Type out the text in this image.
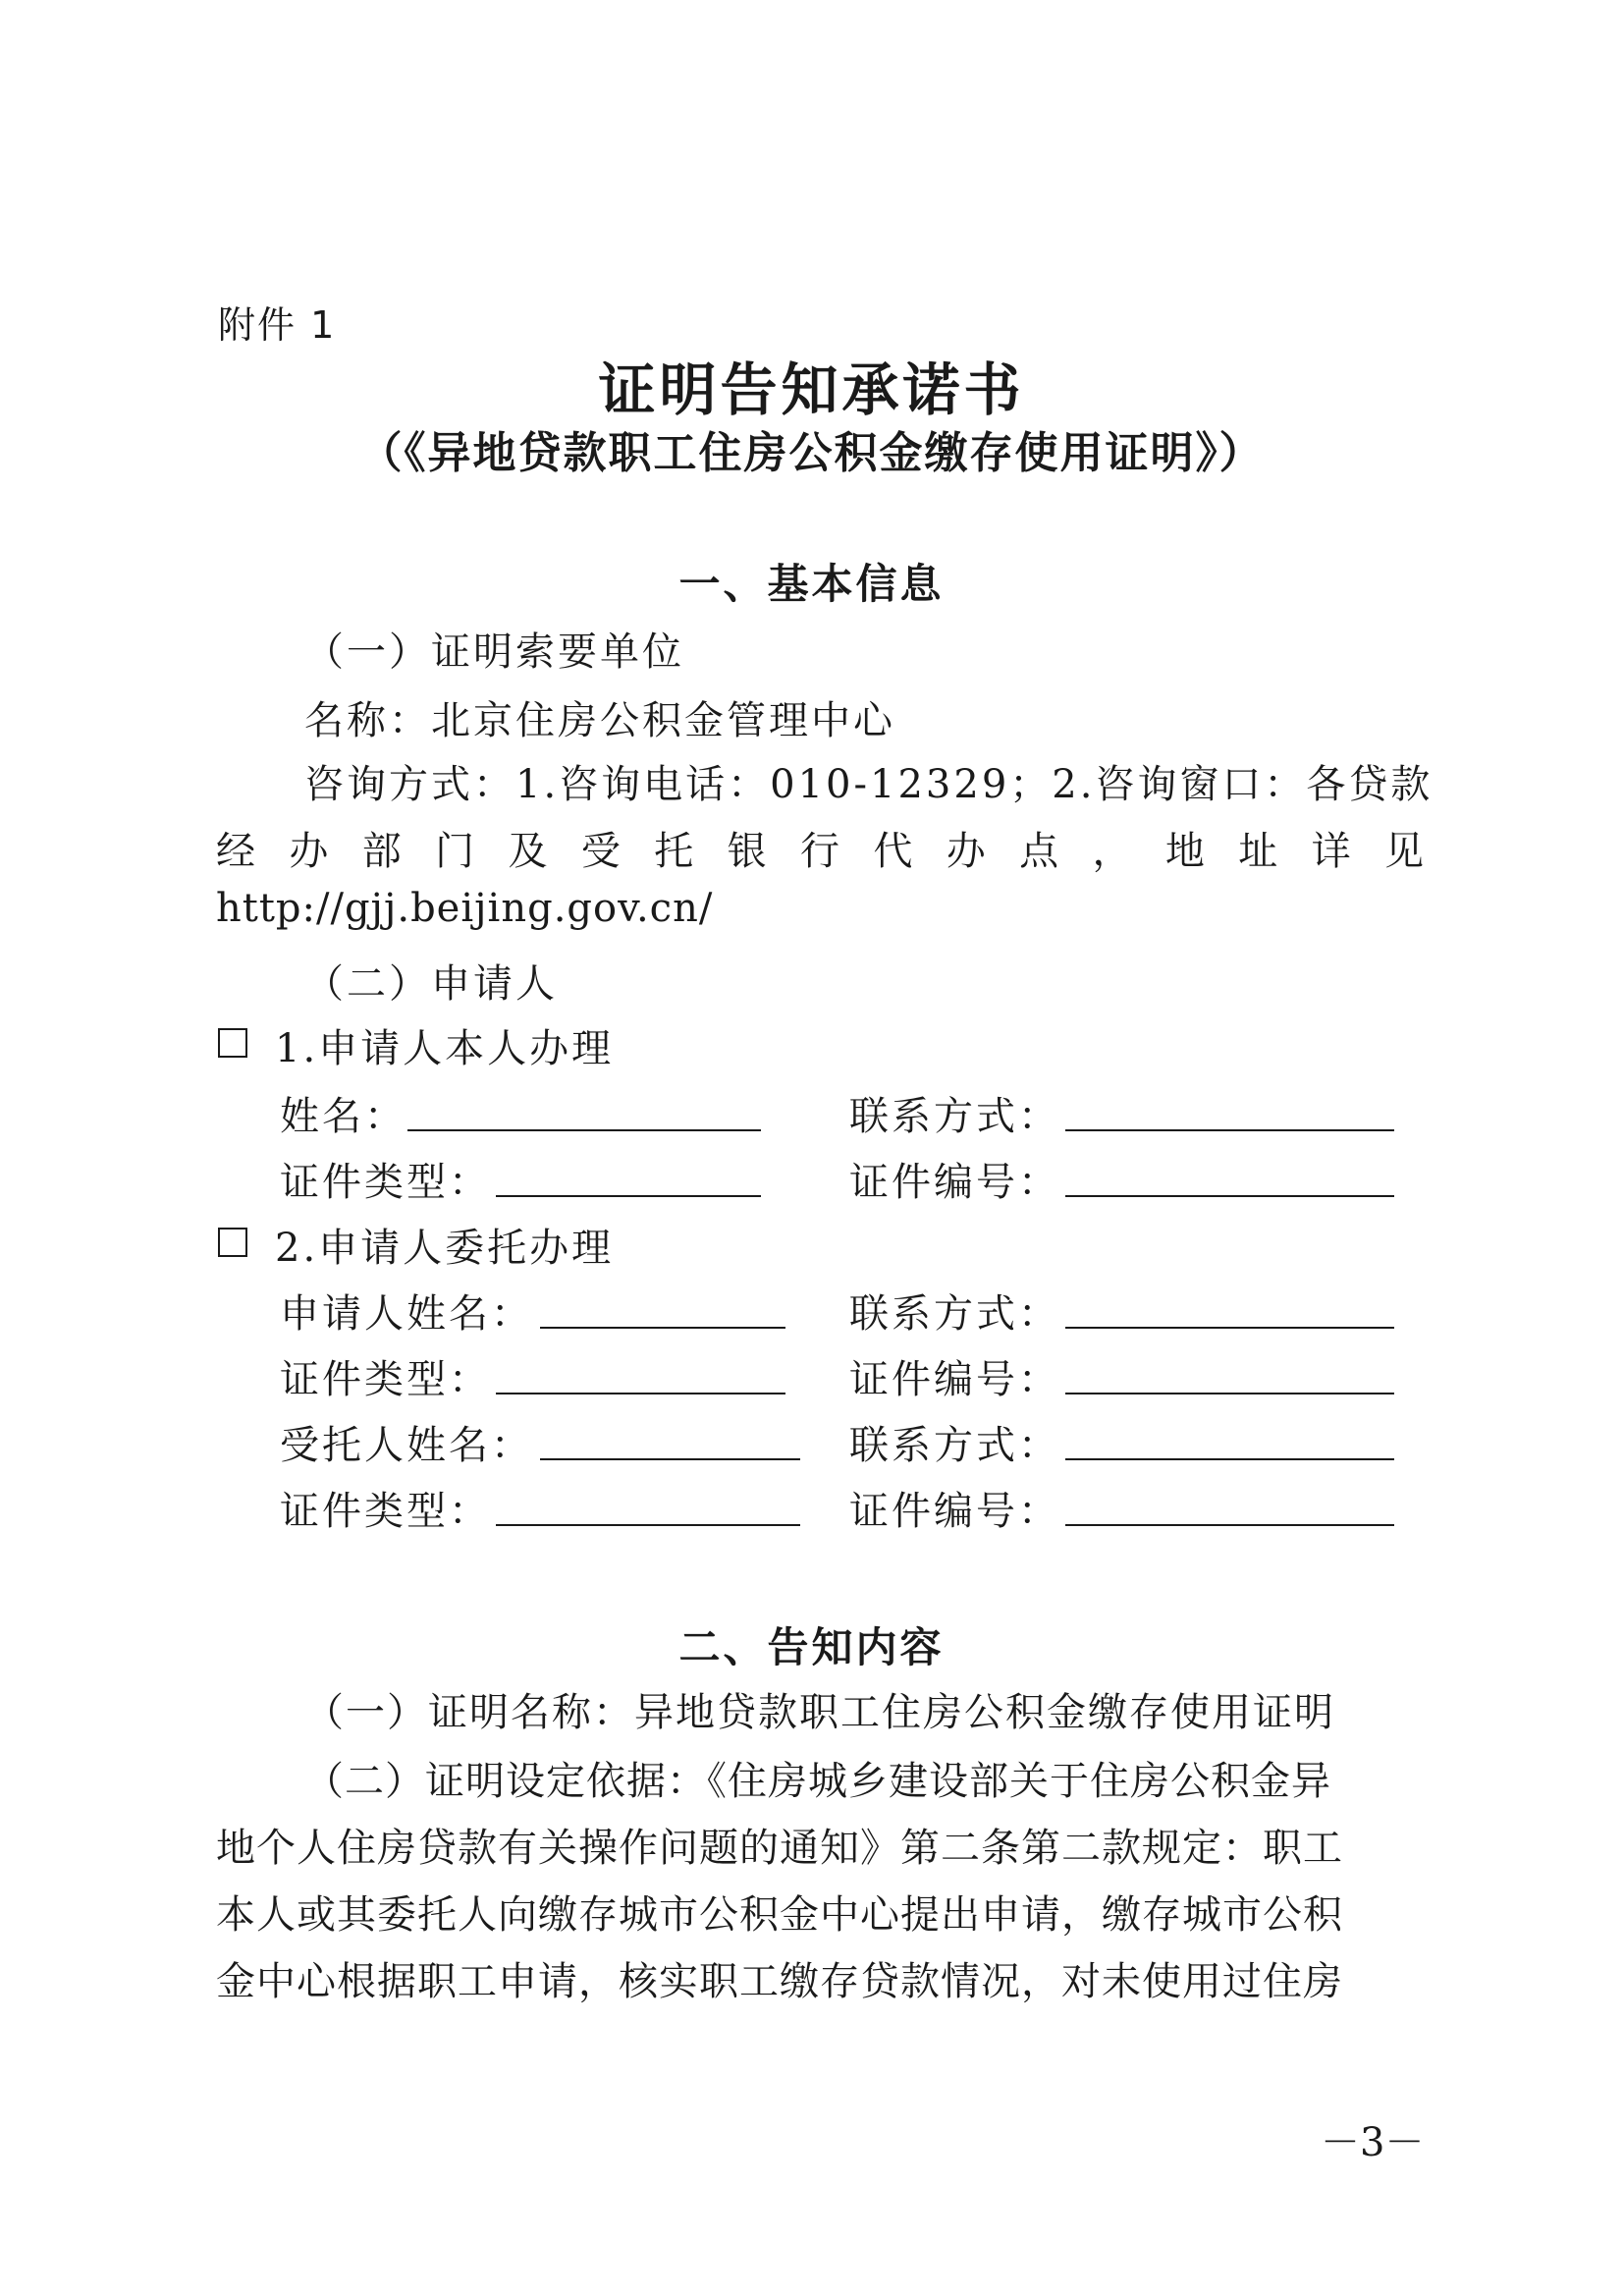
附件 1
证明告知承诺书
（《异地贷款职工住房公积金缴存使用证明》）
一、基本信息
（一）证明索要单位
名称：北京住房公积金管理中心
咨询方式：1.咨询电话：010-12329；2.咨询窗口：各贷款
经办部门及受托银行代办点，地址详见
http://gjj.beijing.gov.cn/
（二）申请人
1.申请人本人办理
姓名：	联系方式：
证件类型：	证件编号：
2.申请人委托办理
申请人姓名：	联系方式：
证件类型：	证件编号：
受托人姓名：	联系方式：
证件类型：	证件编号：
二、告知内容
（一）证明名称：异地贷款职工住房公积金缴存使用证明
（二）证明设定依据：《住房城乡建设部关于住房公积金异
地个人住房贷款有关操作问题的通知》第二条第二款规定：职工
本人或其委托人向缴存城市公积金中心提出申请，缴存城市公积
金中心根据职工申请，核实职工缴存贷款情况，对未使用过住房
－3－
